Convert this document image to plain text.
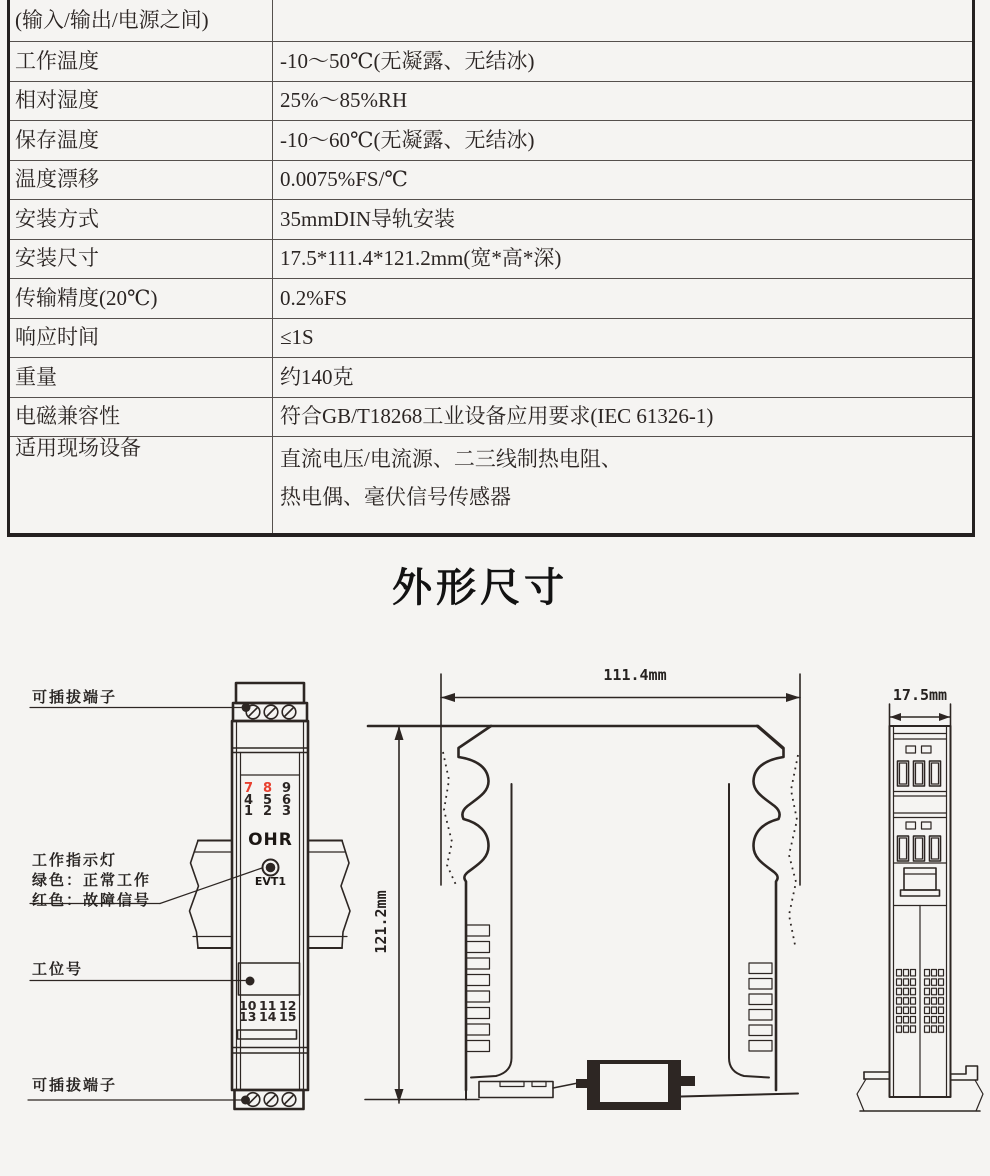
(输入/输出/电源之间)
工作温度	-10～50℃(无凝露、无结冰)
相对湿度	25%～85%RH
保存温度	-10～60℃(无凝露、无结冰)
温度漂移	0.0075%FS/℃
安装方式	35mmDIN导轨安装
安装尺寸	17.5*111.4*121.2mm(宽*高*深)
传输精度(20℃)	0.2%FS
响应时间	≤1S
重量	约140克
电磁兼容性	符合GB/T18268工业设备应用要求(IEC 61326-1)
适用现场设备	直流电压/电流源、二三线制热电阻、
热电偶、毫伏信号传感器
外形尺寸
可插拔端子
工作指示灯
绿色：正常工作
红色：故障信号
工位号
可插拔端子
111.4mm
121.2mm
17.5mm
OHR
EVT1
7 8 9
4 5 6
1 2 3
10 11 12
13 14 15
